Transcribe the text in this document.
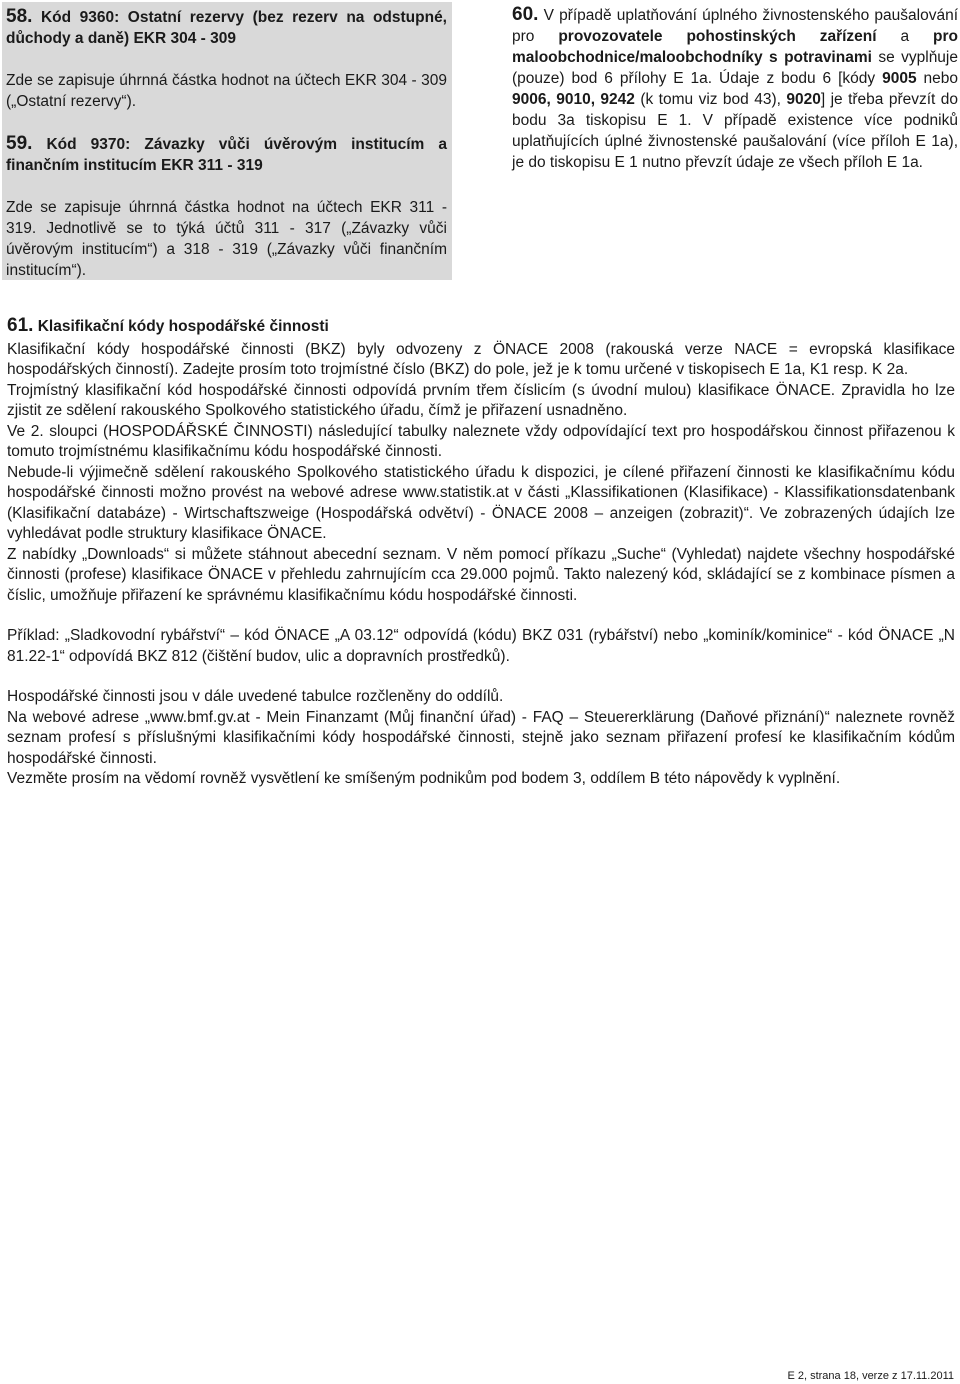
58. Kód 9360: Ostatní rezervy (bez rezerv na odstupné, důchody a daně) EKR 304 - 309

Zde se zapisuje úhrnná částka hodnot na účtech EKR 304 - 309 („Ostatní rezervy“).

59. Kód 9370: Závazky vůči úvěrovým institucím a finančním institucím EKR 311 - 319

Zde se zapisuje úhrnná částka hodnot na účtech EKR 311 - 319. Jednotlivě se to týká účtů 311 - 317 („Závazky vůči úvěrovým institucím“) a 318 - 319 („Závazky vůči finančním institucím“).

60. V případě uplatňování úplného živnostenského paušalování pro provozovatele pohostinských zařízení a pro maloobchodnice/maloobchodníky s potravinami se vyplňuje (pouze) bod 6 přílohy E 1a. Údaje z bodu 6 [kódy 9005 nebo 9006, 9010, 9242 (k tomu viz bod 43), 9020] je třeba převzít do bodu 3a tiskopisu E 1. V případě existence více podniků uplatňujících úplné živnostenské paušalování (více příloh E 1a), je do tiskopisu E 1 nutno převzít údaje ze všech příloh E 1a.

61. Klasifikační kódy hospodářské činnosti

Klasifikační kódy hospodářské činnosti (BKZ) byly odvozeny z ÖNACE 2008 (rakouská verze NACE = evropská klasifikace hospodářských činností). Zadejte prosím toto trojmístné číslo (BKZ) do pole, jež je k tomu určené v tiskopisech E 1a, K1 resp. K 2a.

Trojmístný klasifikační kód hospodářské činnosti odpovídá prvním třem číslicím (s úvodní mulou) klasifikace ÖNACE. Zpravidla ho lze zjistit ze sdělení rakouského Spolkového statistického úřadu, čímž je přiřazení usnadněno.

Ve 2. sloupci (HOSPODÁŘSKÉ ČINNOSTI) následující tabulky naleznete vždy odpovídající text pro hospodářskou činnost přiřazenou k tomuto trojmístnému klasifikačnímu kódu hospodářské činnosti.

Nebude-li výjimečně sdělení rakouského Spolkového statistického úřadu k dispozici, je cílené přiřazení činnosti ke klasifikačnímu kódu hospodářské činnosti možno provést na webové adrese www.statistik.at v části „Klassifikationen (Klasifikace) - Klassifikationsdatenbank (Klasifikační databáze) - Wirtschaftszweige (Hospodářská odvětví) - ÖNACE 2008 – anzeigen (zobrazit)“. Ve zobrazených údajích lze vyhledávat podle struktury klasifikace ÖNACE.

Z nabídky „Downloads“ si můžete stáhnout abecední seznam. V něm pomocí příkazu „Suche“ (Vyhledat) najdete všechny hospodářské činnosti (profese) klasifikace ÖNACE v přehledu zahrnujícím cca 29.000 pojmů. Takto nalezený kód, skládající se z kombinace písmen a číslic, umožňuje přiřazení ke správnému klasifikačnímu kódu hospodářské činnosti.

Příklad: „Sladkovodní rybářství“ – kód ÖNACE „A 03.12“ odpovídá (kódu) BKZ 031 (rybářství) nebo „kominík/kominice“ - kód ÖNACE „N 81.22-1“ odpovídá BKZ 812 (čištění budov, ulic a dopravních prostředků).

Hospodářské činnosti jsou v dále uvedené tabulce rozčleněny do oddílů.

Na webové adrese „www.bmf.gv.at - Mein Finanzamt (Můj finanční úřad) - FAQ – Steuererklärung (Daňové přiznání)“ naleznete rovněž seznam profesí s příslušnými klasifikačními kódy hospodářské činnosti, stejně jako seznam přiřazení profesí ke klasifikačním kódům hospodářské činnosti.

Vezměte prosím na vědomí rovněž vysvětlení ke smíšeným podnikům pod bodem 3, oddílem B této nápovědy k vyplnění.

E 2, strana 18, verze z 17.11.2011
